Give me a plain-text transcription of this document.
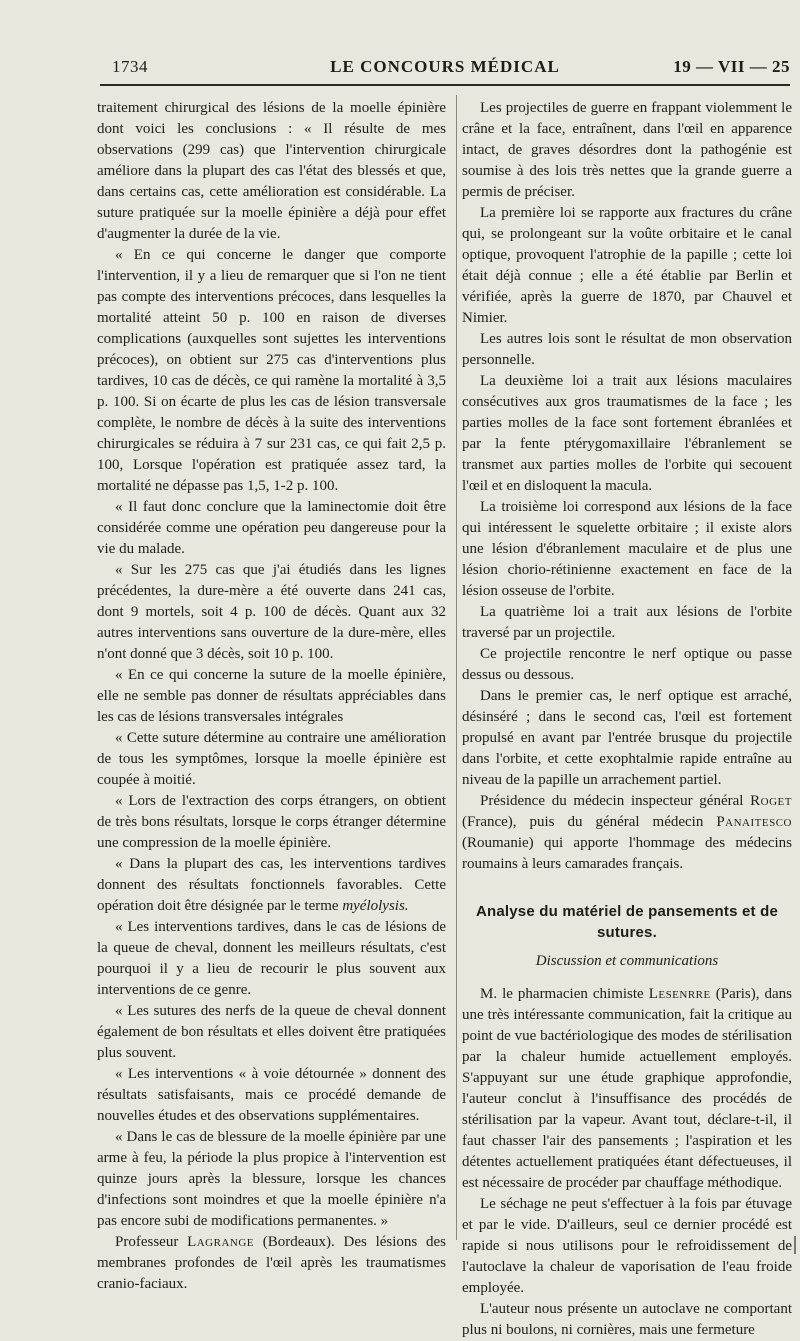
1734	LE CONCOURS MÉDICAL	19 — VII — 25

traitement chirurgical des lésions de la moelle épinière dont voici les conclusions : « Il résulte de mes observations (299 cas) que l'intervention chirurgicale améliore dans la plupart des cas l'état des blessés et que, dans certains cas, cette amélioration est considérable. La suture pratiquée sur la moelle épinière a déjà pour effet d'augmenter la durée de la vie.

« En ce qui concerne le danger que comporte l'intervention, il y a lieu de remarquer que si l'on ne tient pas compte des interventions précoces, dans lesquelles la mortalité atteint 50 p. 100 en raison de diverses complications (auxquelles sont sujettes les interventions précoces), on obtient sur 275 cas d'interventions plus tardives, 10 cas de décès, ce qui ramène la mortalité à 3,5 p. 100. Si on écarte de plus les cas de lésion transversale complète, le nombre de décès à la suite des interventions chirurgicales se réduira à 7 sur 231 cas, ce qui fait 2,5 p. 100, Lorsque l'opération est pratiquée assez tard, la mortalité ne dépasse pas 1,5, 1-2 p. 100.

« Il faut donc conclure que la laminectomie doit être considérée comme une opération peu dangereuse pour la vie du malade.

« Sur les 275 cas que j'ai étudiés dans les lignes précédentes, la dure-mère a été ouverte dans 241 cas, dont 9 mortels, soit 4 p. 100 de décès. Quant aux 32 autres interventions sans ouverture de la dure-mère, elles n'ont donné que 3 décès, soit 10 p. 100.

« En ce qui concerne la suture de la moelle épinière, elle ne semble pas donner de résultats appréciables dans les cas de lésions transversales intégrales

« Cette suture détermine au contraire une amélioration de tous les symptômes, lorsque la moelle épinière est coupée à moitié.

« Lors de l'extraction des corps étrangers, on obtient de très bons résultats, lorsque le corps étranger détermine une compression de la moelle épinière.

« Dans la plupart des cas, les interventions tardives donnent des résultats fonctionnels favorables. Cette opération doit être désignée par le terme myélolysis.

« Les interventions tardives, dans le cas de lésions de la queue de cheval, donnent les meilleurs résultats, c'est pourquoi il y a lieu de recourir le plus souvent aux interventions de ce genre.

« Les sutures des nerfs de la queue de cheval donnent également de bon résultats et elles doivent être pratiquées plus souvent.

« Les interventions « à voie détournée » donnent des résultats satisfaisants, mais ce procédé demande de nouvelles études et des observations supplémentaires.

« Dans le cas de blessure de la moelle épinière par une arme à feu, la période la plus propice à l'intervention est quinze jours après la blessure, lorsque les chances d'infections sont moindres et que la moelle épinière n'a pas encore subi de modifications permanentes. »

Professeur Lagrange (Bordeaux). Des lésions des membranes profondes de l'œil après les traumatismes cranio-faciaux.

Les projectiles de guerre en frappant violemment le crâne et la face, entraînent, dans l'œil en apparence intact, de graves désordres dont la pathogénie est soumise à des lois très nettes que la grande guerre a permis de préciser.

La première loi se rapporte aux fractures du crâne qui, se prolongeant sur la voûte orbitaire et le canal optique, provoquent l'atrophie de la papille ; cette loi était déjà connue ; elle a été établie par Berlin et vérifiée, après la guerre de 1870, par Chauvel et Nimier.

Les autres lois sont le résultat de mon observation personnelle.

La deuxième loi a trait aux lésions maculaires consécutives aux gros traumatismes de la face ; les parties molles de la face sont fortement ébranlées et par la fente ptérygomaxillaire l'ébranlement se transmet aux parties molles de l'orbite qui secouent l'œil et en disloquent la macula.

La troisième loi correspond aux lésions de la face qui intéressent le squelette orbitaire ; il existe alors une lésion d'ébranlement maculaire et de plus une lésion chorio-rétinienne exactement en face de la lésion osseuse de l'orbite.

La quatrième loi a trait aux lésions de l'orbite traversé par un projectile.

Ce projectile rencontre le nerf optique ou passe dessus ou dessous.

Dans le premier cas, le nerf optique est arraché, désinséré ; dans le second cas, l'œil est fortement propulsé en avant par l'entrée brusque du projectile dans l'orbite, et cette exophtalmie rapide entraîne au niveau de la papille un arrachement partiel.

Présidence du médecin inspecteur général Roget (France), puis du général médecin Panaitesco (Roumanie) qui apporte l'hommage des médecins roumains à leurs camarades français.

Analyse du matériel de pansements et de sutures.
Discussion et communications

M. le pharmacien chimiste Lesenrre (Paris), dans une très intéressante communication, fait la critique au point de vue bactériologique des modes de stérilisation par la chaleur humide actuellement employés. S'appuyant sur une étude graphique approfondie, l'auteur conclut à l'insuffisance des procédés de stérilisation par la vapeur. Avant tout, déclare-t-il, il faut chasser l'air des pansements ; l'aspiration et les détentes actuellement pratiquées étant défectueuses, il est nécessaire de procéder par chauffage méthodique.

Le séchage ne peut s'effectuer à la fois par étuvage et par le vide. D'ailleurs, seul ce dernier procédé est rapide si nous utilisons pour le refroidissement de l'autoclave la chaleur de vaporisation de l'eau froide employée.

L'auteur nous présente un autoclave ne comportant plus ni boulons, ni cornières, mais une fermeture
